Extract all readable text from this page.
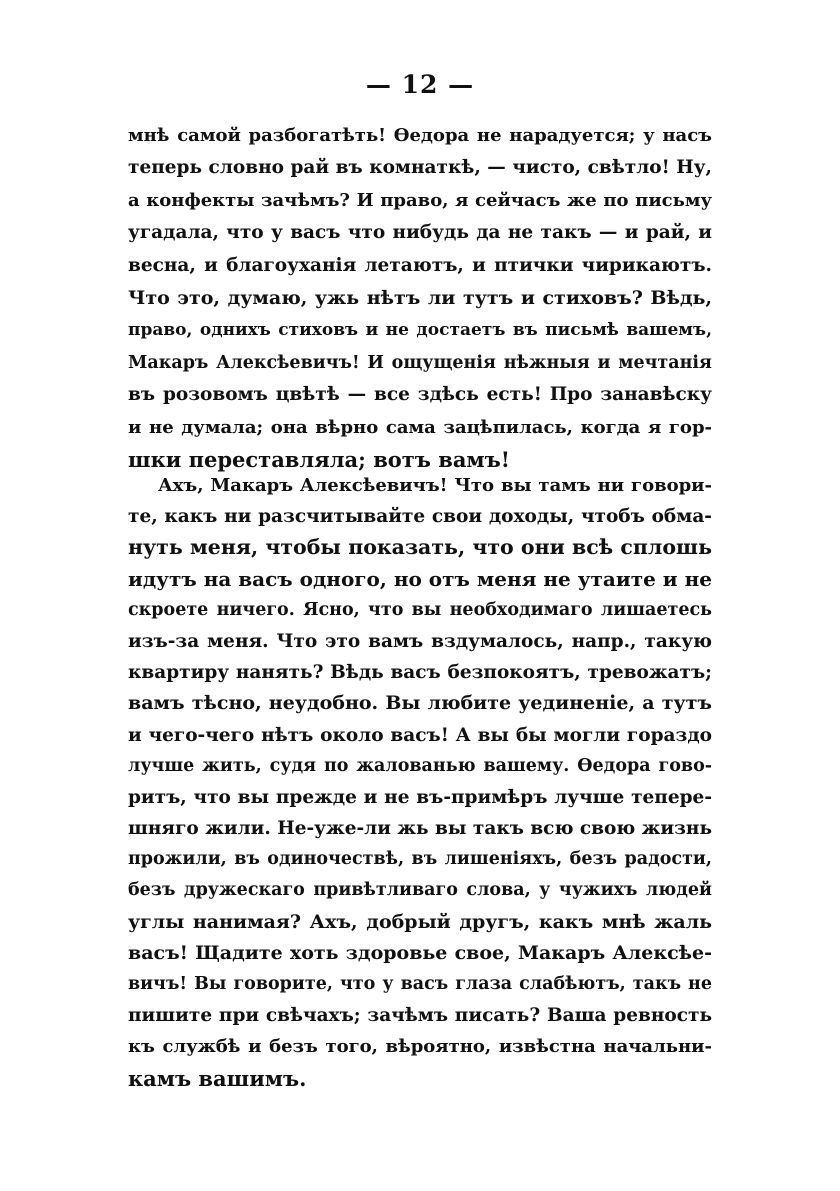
— 12 —
мнѣ самой разбогатѣть! Ѳедора не нарадуется; у насъ
теперь словно рай въ комнаткѣ, — чисто, свѣтло! Ну,
а конфекты зачѣмъ? И право, я сейчасъ же по письму
угадала, что у васъ что нибудь да не такъ — и рай, и
весна, и благоуханія летаютъ, и птички чирикаютъ.
Что это, думаю, ужь нѣтъ ли тутъ и стиховъ? Вѣдь,
право, однихъ стиховъ и не достаетъ въ письмѣ вашемъ,
Макаръ Алексѣевичъ! И ощущенія нѣжныя и мечтанія
въ розовомъ цвѣтѣ — все здѣсь есть! Про занавѣску
и не думала; она вѣрно сама зацѣпилась, когда я гор-
шки переставляла; вотъ вамъ!
Ахъ, Макаръ Алексѣевичъ! Что вы тамъ ни говори-
те, какъ ни разсчитывайте свои доходы, чтобъ обма-
нуть меня, чтобы показать, что они всѣ сплошь
идутъ на васъ одного, но отъ меня не утаите и не
скроете ничего. Ясно, что вы необходимаго лишаетесь
изъ-за меня. Что это вамъ вздумалось, напр., такую
квартиру нанять? Вѣдь васъ безпокоятъ, тревожатъ;
вамъ тѣсно, неудобно. Вы любите уединеніе, а тутъ
и чего-чего нѣтъ около васъ! А вы бы могли гораздо
лучше жить, судя по жалованью вашему. Ѳедора гово-
ритъ, что вы прежде и не въ-примѣръ лучше теперe-
шняго жили. Не-уже-ли жь вы такъ всю свою жизнь
прожили, въ одиночествѣ, въ лишеніяхъ, безъ радости,
безъ дружескаго привѣтливаго слова, у чужихъ людей
углы нанимая? Ахъ, добрый другъ, какъ мнѣ жаль
васъ! Щадите хоть здоровье свое, Макаръ Алексѣе-
вичъ! Вы говорите, что у васъ глаза слабѣютъ, такъ не
пишите при свѣчахъ; зачѣмъ писать? Ваша ревность
къ службѣ и безъ того, вѣроятно, извѣстна начальни-
камъ вашимъ.
